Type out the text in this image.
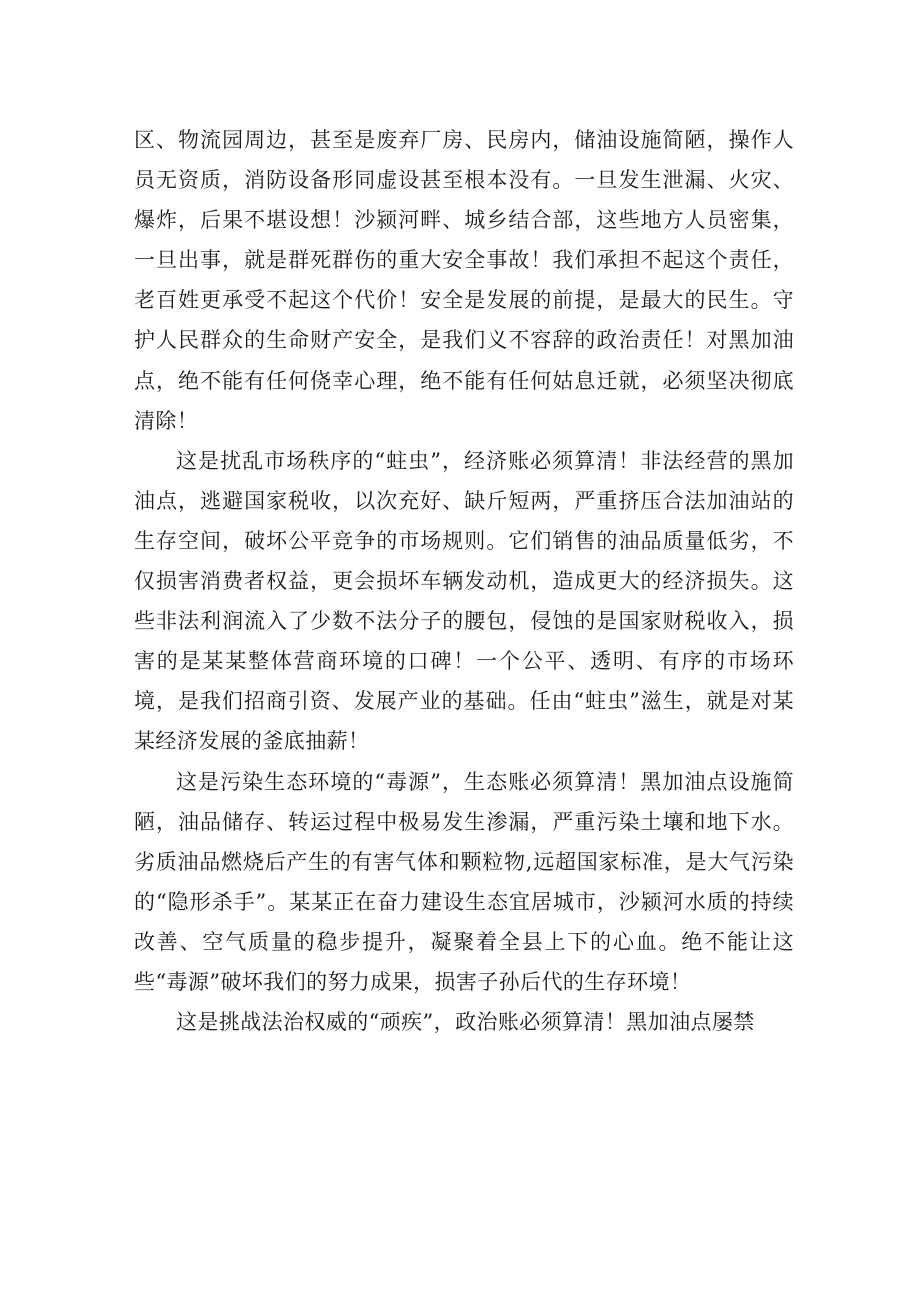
区、物流园周边，甚至是废弃厂房、民房内，储油设施简陋，操作人员无资质，消防设备形同虚设甚至根本没有。一旦发生泄漏、火灾、爆炸，后果不堪设想！沙颍河畔、城乡结合部，这些地方人员密集，一旦出事，就是群死群伤的重大安全事故！我们承担不起这个责任，老百姓更承受不起这个代价！安全是发展的前提，是最大的民生。守护人民群众的生命财产安全，是我们义不容辞的政治责任！对黑加油点，绝不能有任何侥幸心理，绝不能有任何姑息迁就，必须坚决彻底清除！

这是扰乱市场秩序的“蛀虫”，经济账必须算清！非法经营的黑加油点，逃避国家税收，以次充好、缺斤短两，严重挤压合法加油站的生存空间，破坏公平竞争的市场规则。它们销售的油品质量低劣，不仅损害消费者权益，更会损坏车辆发动机，造成更大的经济损失。这些非法利润流入了少数不法分子的腰包，侵蚀的是国家财税收入，损害的是某某整体营商环境的口碑！一个公平、透明、有序的市场环境，是我们招商引资、发展产业的基础。任由“蛀虫”滋生，就是对某某经济发展的釜底抽薪！

这是污染生态环境的“毒源”，生态账必须算清！黑加油点设施简陋，油品储存、转运过程中极易发生渗漏，严重污染土壤和地下水。劣质油品燃烧后产生的有害气体和颗粒物,远超国家标准，是大气污染的“隐形杀手”。某某正在奋力建设生态宜居城市，沙颍河水质的持续改善、空气质量的稳步提升，凝聚着全县上下的心血。绝不能让这些“毒源”破坏我们的努力成果，损害子孙后代的生存环境！

这是挑战法治权威的“顽疾”，政治账必须算清！黑加油点屡禁
